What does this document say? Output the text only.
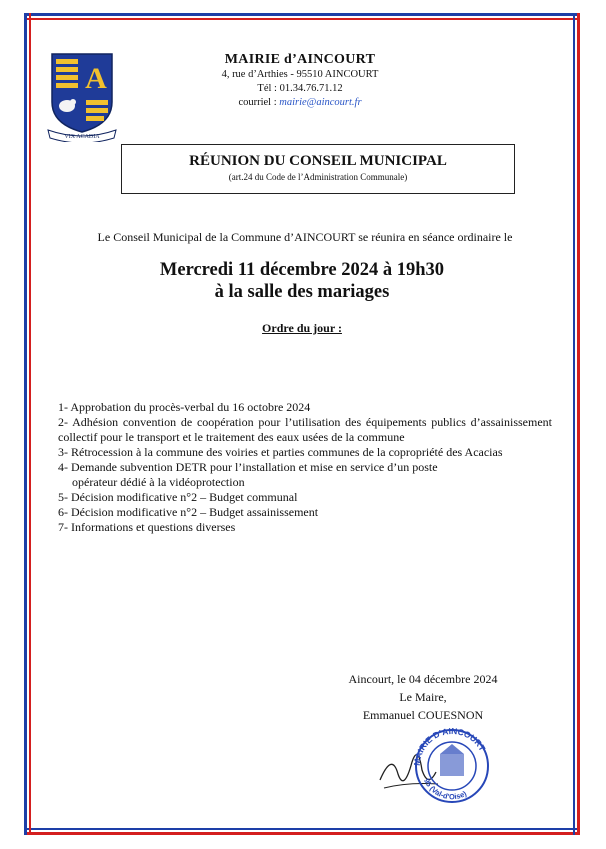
A
VIX ACADIA
MAIRIE d’AINCOURT
4, rue d’Arthies - 95510 AINCOURT
Tél : 01.34.76.71.12
courriel : mairie@aincourt.fr
RÉUNION DU CONSEIL MUNICIPAL
(art.24 du Code de l’Administration Communale)
Le Conseil Municipal de la Commune d’AINCOURT se réunira en séance ordinaire le
Mercredi 11 décembre 2024 à 19h30
à la salle des mariages
Ordre du jour :

1- Approbation du procès-verbal du 16 octobre 2024

2- Adhésion convention de coopération pour l’utilisation des équipements publics d’assainissement collectif pour le transport et le traitement des eaux usées de la commune

3- Rétrocession à la commune des voiries et parties communes de la copropriété des Acacias

4- Demande subvention DETR pour l’installation et mise en service d’un poste

opérateur dédié à la vidéoprotection

5- Décision modificative n°2 – Budget communal

6- Décision modificative n°2 – Budget assainissement

7- Informations et questions diverses

Aincourt, le 04 décembre 2024
Le Maire,
Emmanuel COUESNON
MAIRIE D’AINCOURT
95 (Val-d’Oise)
